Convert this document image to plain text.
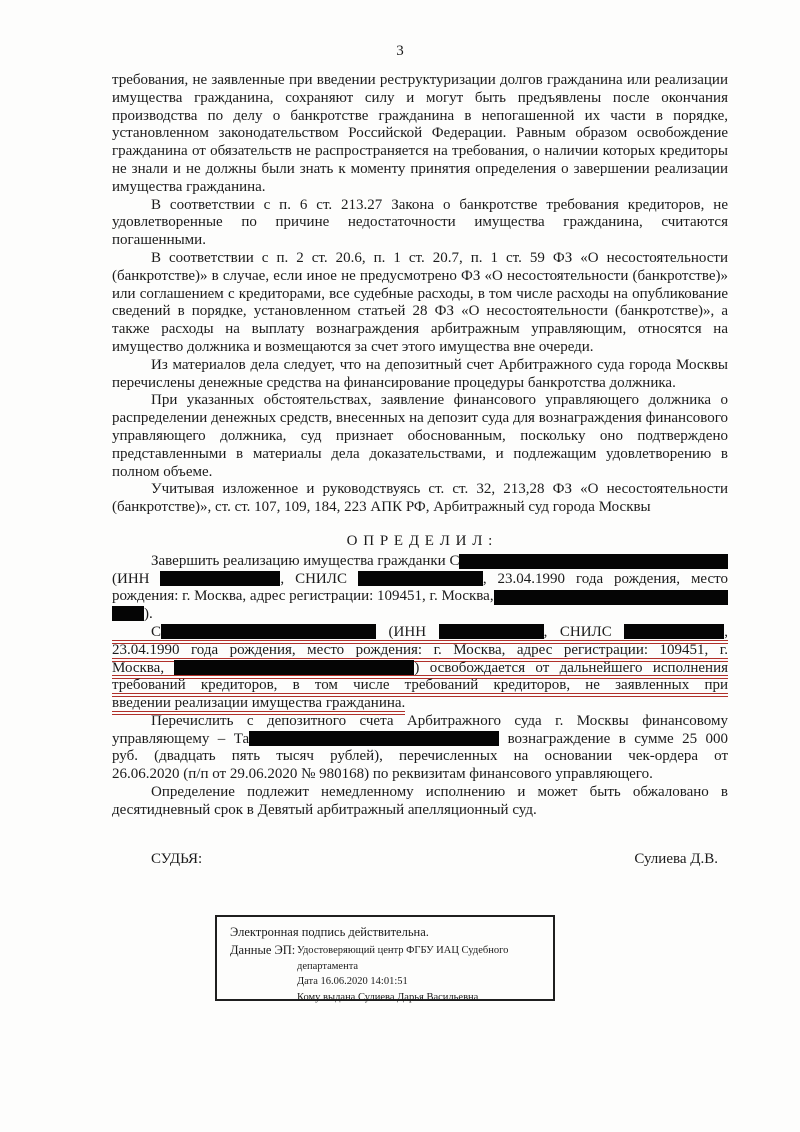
3

требования, не заявленные при введении реструктуризации долгов гражданина или реализации имущества гражданина, сохраняют силу и могут быть предъявлены после окончания производства по делу о банкротстве гражданина в непогашенной их части в порядке, установленном законодательством Российской Федерации. Равным образом освобождение гражданина от обязательств не распространяется на требования, о наличии которых кредиторы не знали и не должны были знать к моменту принятия определения о завершении реализации имущества гражданина.

В соответствии с п. 6 ст. 213.27 Закона о банкротстве требования кредиторов, не удовлетворенные по причине недостаточности имущества гражданина, считаются погашенными.

В соответствии с п. 2 ст. 20.6, п. 1 ст. 20.7, п. 1 ст. 59 ФЗ «О несостоятельности (банкротстве)» в случае, если иное не предусмотрено ФЗ «О несостоятельности (банкротстве)» или соглашением с кредиторами, все судебные расходы, в том числе расходы на опубликование сведений в порядке, установленном статьей 28 ФЗ «О несостоятельности (банкротстве)», а также расходы на выплату вознаграждения арбитражным управляющим, относятся на имущество должника и возмещаются за счет этого имущества вне очереди.

Из материалов дела следует, что на депозитный счет Арбитражного суда города Москвы перечислены денежные средства на финансирование процедуры банкротства должника.

При указанных обстоятельствах, заявление финансового управляющего должника о распределении денежных средств, внесенных на депозит суда для вознаграждения финансового управляющего должника, суд признает обоснованным, поскольку оно подтверждено представленными в материалы дела доказательствами, и подлежащим удовлетворению в полном объеме.

Учитывая изложенное и руководствуясь ст. ст. 32, 213,28 ФЗ «О несостоятельности (банкротстве)», ст. ст. 107, 109, 184, 223 АПК РФ, Арбитражный суд города Москвы

О П Р Е Д Е Л И Л :
Завершить реализацию имущества гражданки С
(ИНН	, СНИЛС	, 23.04.1990 года рождения, место
рождения: г. Москва, адрес регистрации: 109451, г. Москва,
).
С	(ИНН	, СНИЛС	,
23.04.1990 года рождения, место рождения: г. Москва, адрес регистрации: 109451, г.
Москва,	) освобождается от дальнейшего исполнения
требований кредиторов, в том числе требований кредиторов, не заявленных при
введении реализации имущества гражданина.
Перечислить с депозитного счета Арбитражного суда г. Москвы финансовому
управляющему – Та	вознаграждение в сумме 25 000
руб. (двадцать пять тысяч рублей), перечисленных на основании чек-ордера от
26.06.2020 (п/п от 29.06.2020 № 980168) по реквизитам финансового управляющего.

Определение подлежит немедленному исполнению и может быть обжаловано в десятидневный срок в Девятый арбитражный апелляционный суд.

СУДЬЯ:	Сулиева Д.В.
Электронная подпись действительна.
Данные ЭП: Удостоверяющий центр ФГБУ ИАЦ Судебного
департамента
Дата 16.06.2020 14:01:51
Кому выдана Сулиева Дарья Васильевна
